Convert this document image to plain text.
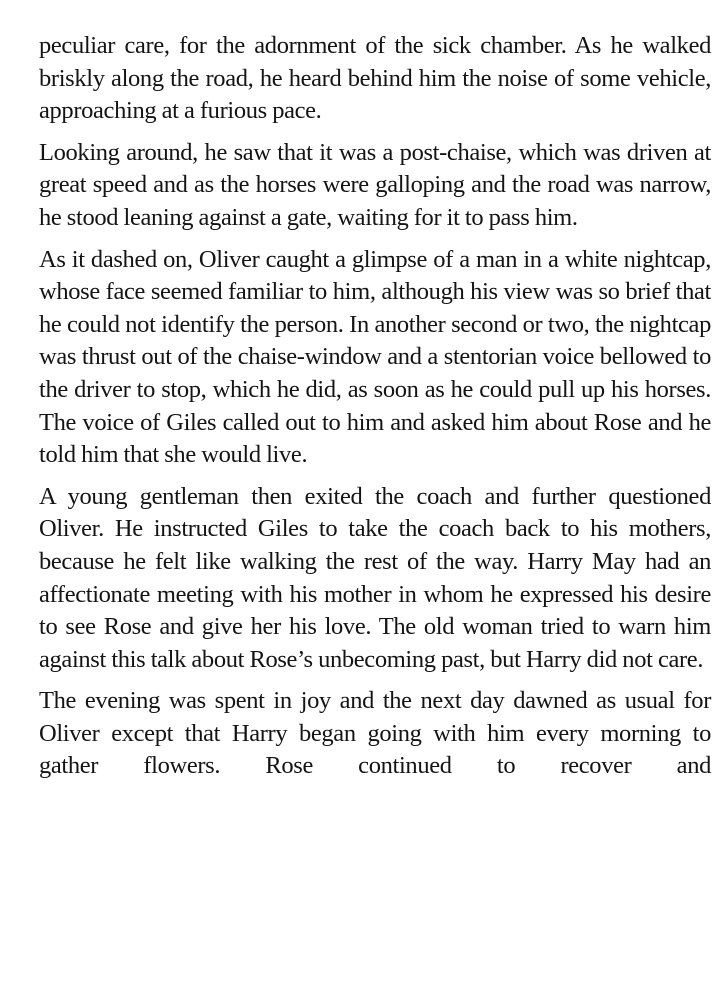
peculiar care, for the adornment of the sick chamber. As he walked briskly along the road, he heard behind him the noise of some vehicle, approaching at a furious pace.

Looking around, he saw that it was a post-chaise, which was driven at great speed and as the horses were galloping and the road was narrow, he stood leaning against a gate, waiting for it to pass him.

As it dashed on, Oliver caught a glimpse of a man in a white nightcap, whose face seemed familiar to him, although his view was so brief that he could not identify the person. In another second or two, the nightcap was thrust out of the chaise-window and a stentorian voice bellowed to the driver to stop, which he did, as soon as he could pull up his horses. The voice of Giles called out to him and asked him about Rose and he told him that she would live.

A young gentleman then exited the coach and further questioned Oliver. He instructed Giles to take the coach back to his mothers, because he felt like walking the rest of the way. Harry May had an affectionate meeting with his mother in whom he expressed his desire to see Rose and give her his love. The old woman tried to warn him against this talk about Rose’s unbecoming past, but Harry did not care.

The evening was spent in joy and the next day dawned as usual for Oliver except that Harry began going with him every morning to gather flowers. Rose continued to recover and
